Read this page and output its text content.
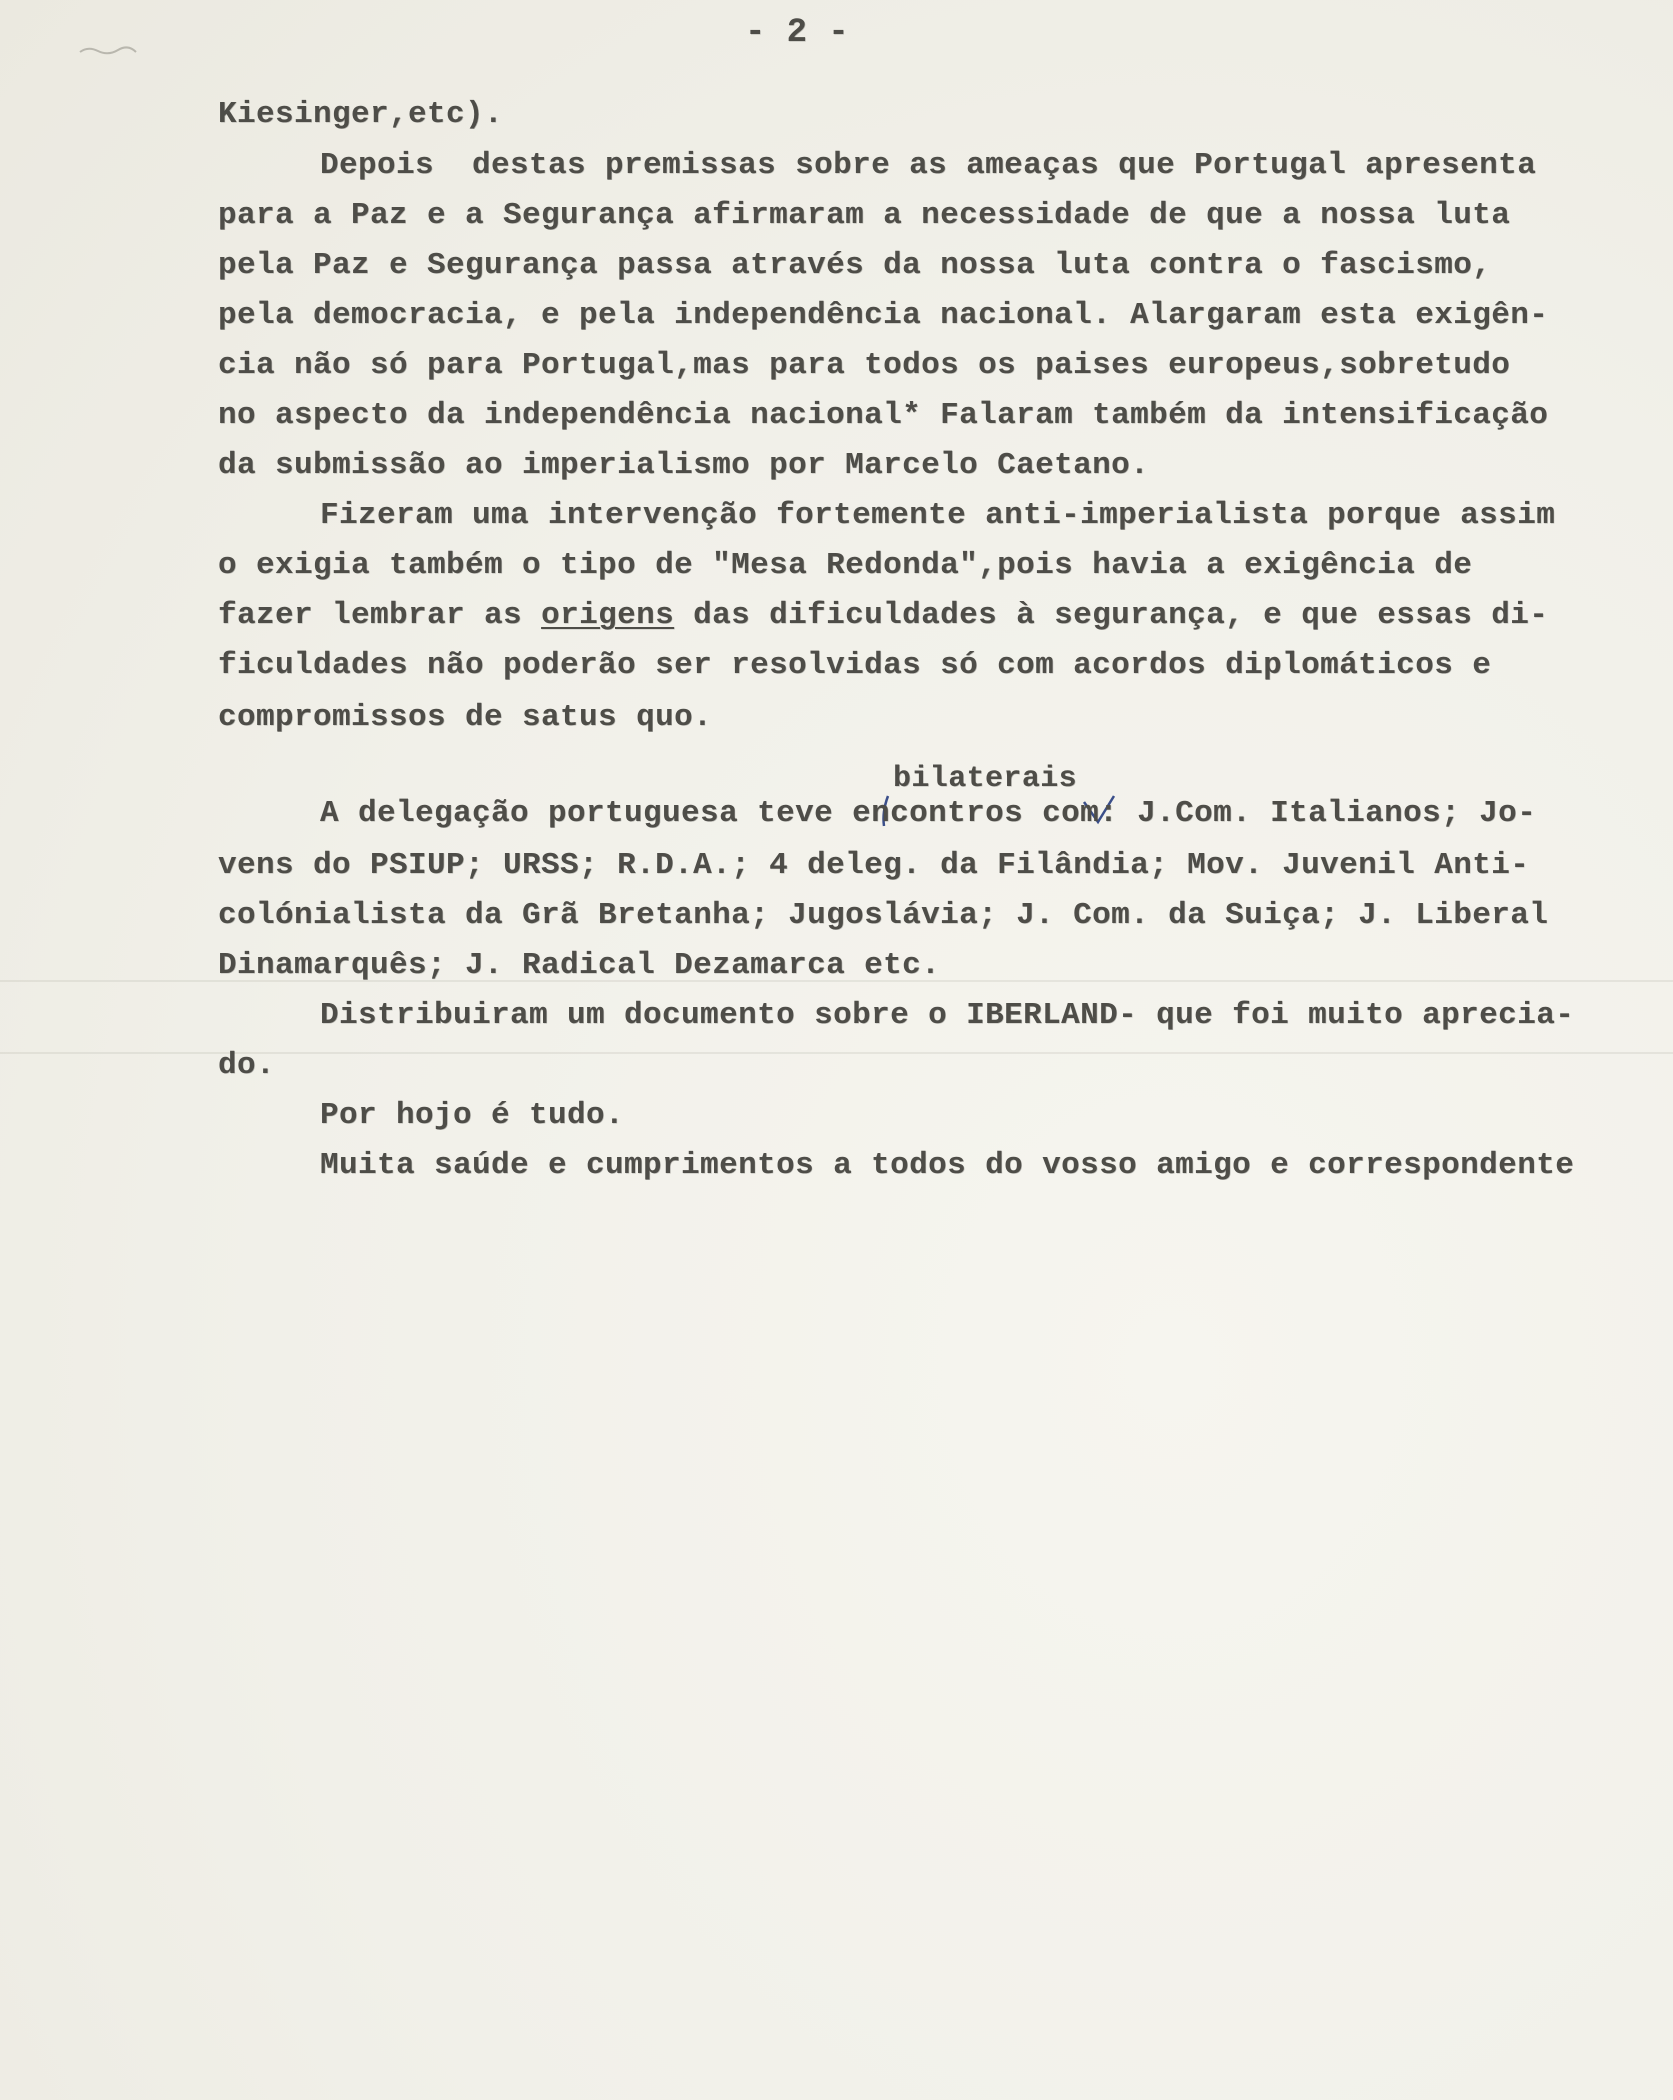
- 2 -
Kiesinger,etc).
Depois  destas premissas sobre as ameaças que Portugal apresenta
para a Paz e a Segurança afirmaram a necessidade de que a nossa luta
pela Paz e Segurança passa através da nossa luta contra o fascismo,
pela democracia, e pela independência nacional. Alargaram esta exigên-
cia não só para Portugal,mas para todos os paises europeus,sobretudo
no aspecto da independência nacional* Falaram também da intensificação
da submissão ao imperialismo por Marcelo Caetano.
Fizeram uma intervenção fortemente anti-imperialista porque assim
o exigia também o tipo de "Mesa Redonda",pois havia a exigência de
fazer lembrar as origens das dificuldades à segurança, e que essas di-
ficuldades não poderão ser resolvidas só com acordos diplomáticos e
compromissos de satus quo.
bilaterais
A delegação portuguesa teve encontros com: J.Com. Italianos; Jo-
vens do PSIUP; URSS; R.D.A.; 4 deleg. da Filândia; Mov. Juvenil Anti-
colónialista da Grã Bretanha; Jugoslávia; J. Com. da Suiça; J. Liberal
Dinamarquês; J. Radical Dezamarca etc.
Distribuiram um documento sobre o IBERLAND- que foi muito apreciа-
do.
Por hojo é tudo.
Muita saúde e cumprimentos a todos do vosso amigo e correspondente
